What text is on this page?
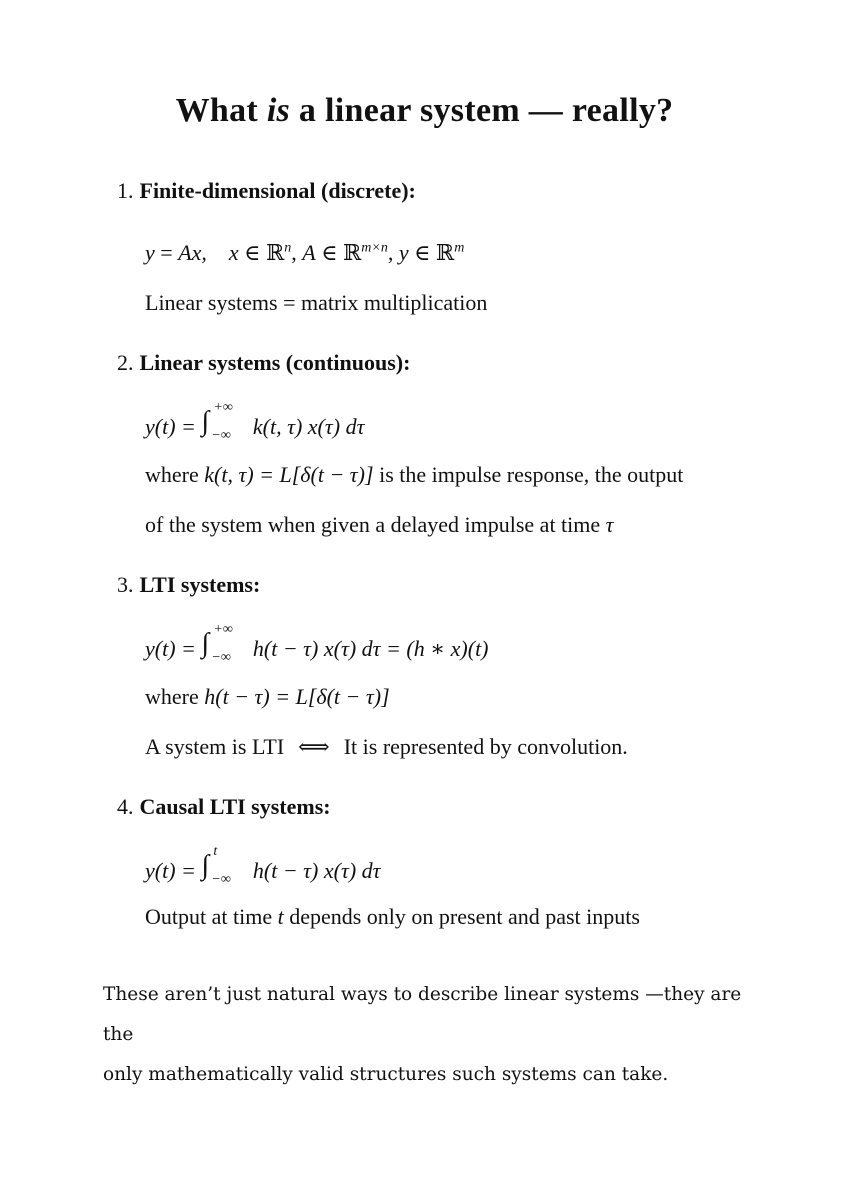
What is a linear system — really?

1. Finite-dimensional (discrete):

y = Ax, x ∈ ℝ$^n$, A ∈ ℝ$^{m\times n}$, y ∈ ℝ$^m$

Linear systems = matrix multiplication

2. Linear systems (continuous):

y(t) = ∫ +∞
−∞ k(t, τ) x(τ) dτ

where k(t, τ) = L[δ(t − τ)] is the impulse response, the output

of the system when given a delayed impulse at time τ

3. LTI systems:

y(t) = ∫ +∞
−∞ h(t − τ) x(τ) dτ = (h ∗ x)(t)

where h(t − τ) = L[δ(t − τ)]

A system is LTI ⟺ It is represented by convolution.

4. Causal LTI systems:

y(t) = ∫ t
−∞ h(t − τ) x(τ) dτ

Output at time t depends only on present and past inputs

These aren’t just natural ways to describe linear systems —they are the
only mathematically valid structures such systems can take.
